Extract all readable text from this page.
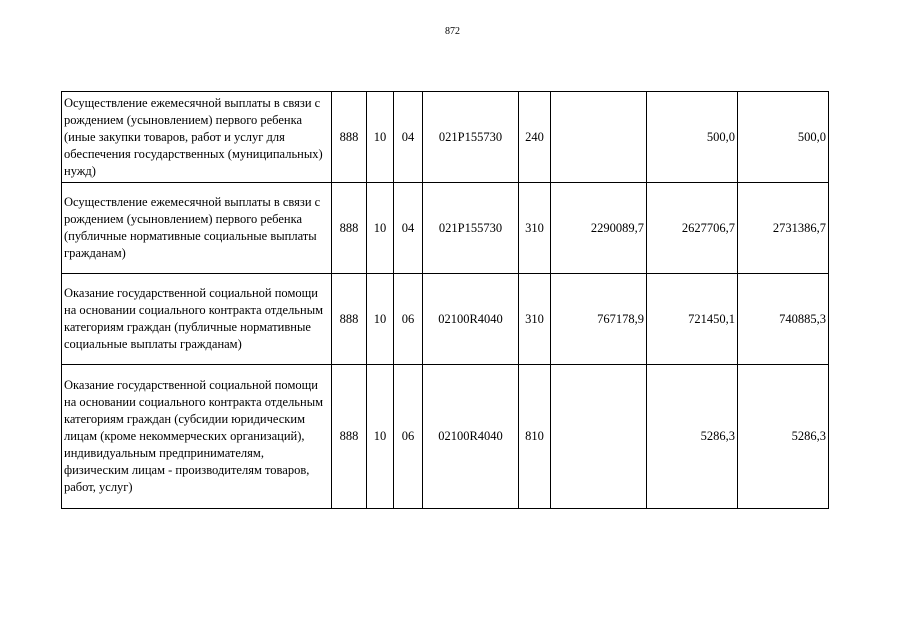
872
Осуществление ежемесячной выплаты в связи с рождением (усыновлением) первого ребенка (иные закупки товаров, работ и услуг для обеспечения государственных (муниципальных) нужд)	888	10	04	021P155730	240		500,0	500,0
Осуществление ежемесячной выплаты в связи с рождением (усыновлением) первого ребенка (публичные нормативные социальные выплаты гражданам)	888	10	04	021P155730	310	2290089,7	2627706,7	2731386,7
Оказание государственной социальной помощи на основании социального контракта отдельным категориям граждан (публичные нормативные социальные выплаты гражданам)	888	10	06	02100R4040	310	767178,9	721450,1	740885,3
Оказание государственной социальной помощи на основании социального контракта отдельным категориям граждан (субсидии юридическим лицам (кроме некоммерческих организаций), индивидуальным предпринимателям, физическим лицам - производителям товаров, работ, услуг)	888	10	06	02100R4040	810		5286,3	5286,3
